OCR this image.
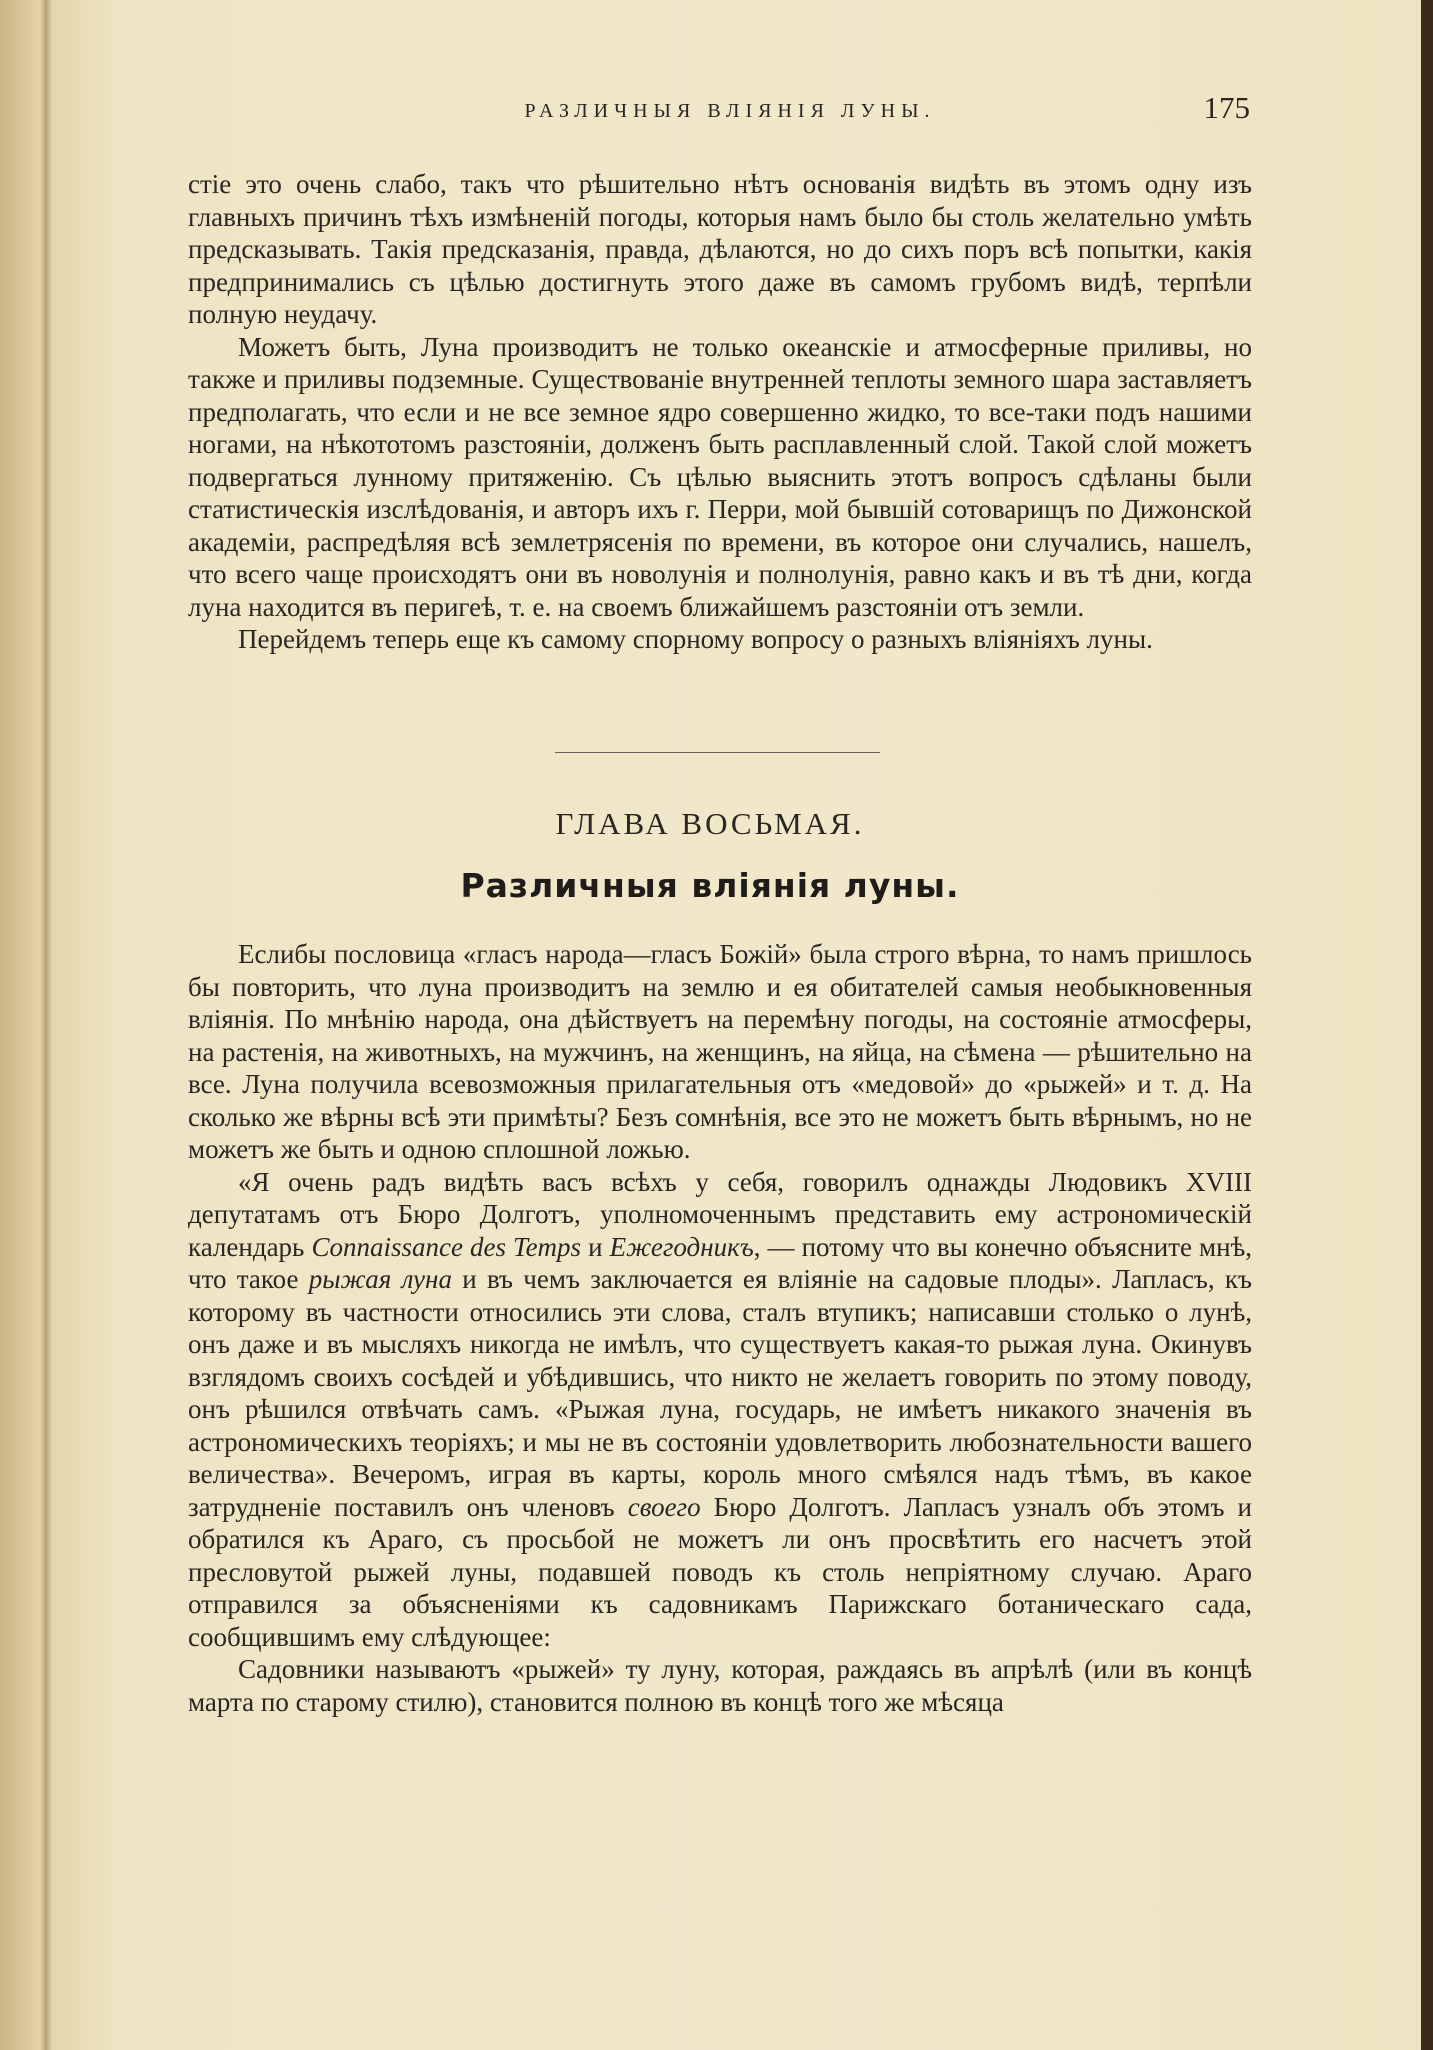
РАЗЛИЧНЫЯ ВЛІЯНІЯ ЛУНЫ.	175

стіе это очень слабо, такъ что рѣшительно нѣтъ основанія видѣть въ этомъ одну изъ главныхъ причинъ тѣхъ измѣненій погоды, которыя намъ было бы столь желательно умѣть предсказывать. Такія предсказанія, правда, дѣлаются, но до сихъ поръ всѣ попытки, какія предпринимались съ цѣлью достигнуть этого даже въ самомъ грубомъ видѣ, терпѣли полную неудачу.

Можетъ быть, Луна производитъ не только океанскіе и атмосферные приливы, но также и приливы подземные. Существованіе внутренней теплоты земного шара заставляетъ предполагать, что если и не все земное ядро совершенно жидко, то все-таки подъ нашими ногами, на нѣкототомъ разстояніи, долженъ быть расплавленный слой. Такой слой можетъ подвергаться лунному притяженію. Съ цѣлью выяснить этотъ вопросъ сдѣланы были статистическія изслѣдованія, и авторъ ихъ г. Перри, мой бывшій сотоварищъ по Дижонской академіи, распредѣляя всѣ землетрясенія по времени, въ которое они случались, нашелъ, что всего чаще происходятъ они въ новолунія и полнолунія, равно какъ и въ тѣ дни, когда луна находится въ перигеѣ, т. е. на своемъ ближайшемъ разстояніи отъ земли.

Перейдемъ теперь еще къ самому спорному вопросу о разныхъ вліяніяхъ луны.

ГЛАВА ВОСЬМАЯ.
Различныя вліянія луны.

Еслибы пословица «гласъ народа—гласъ Божій» была строго вѣрна, то намъ пришлось бы повторить, что луна производитъ на землю и ея обитателей самыя необыкновенныя вліянія. По мнѣнію народа, она дѣйствуетъ на перемѣну погоды, на состояніе атмосферы, на растенія, на животныхъ, на мужчинъ, на женщинъ, на яйца, на сѣмена — рѣшительно на все. Луна получила всевозможныя прилагательныя отъ «медовой» до «рыжей» и т. д. На сколько же вѣрны всѣ эти примѣты? Безъ сомнѣнія, все это не можетъ быть вѣрнымъ, но не можетъ же быть и одною сплошной ложью.

«Я очень радъ видѣть васъ всѣхъ у себя, говорилъ однажды Людовикъ XVIII депутатамъ отъ Бюро Долготъ, уполномоченнымъ представить ему астрономическій календарь Connaissance des Temps и Ежегодникъ, — потому что вы конечно объясните мнѣ, что такое рыжая луна и въ чемъ заключается ея вліяніе на садовые плоды». Лапласъ, къ которому въ частности относились эти слова, сталъ втупикъ; написавши столько о лунѣ, онъ даже и въ мысляхъ никогда не имѣлъ, что существуетъ какая-то рыжая луна. Окинувъ взглядомъ своихъ сосѣдей и убѣдившись, что никто не желаетъ говорить по этому поводу, онъ рѣшился отвѣчать самъ. «Рыжая луна, государь, не имѣетъ никакого значенія въ астрономическихъ теоріяхъ; и мы не въ состояніи удовлетворить любознательности вашего величества». Вечеромъ, играя въ карты, король много смѣялся надъ тѣмъ, въ какое затрудненіе поставилъ онъ членовъ своего Бюро Долготъ. Лапласъ узналъ объ этомъ и обратился къ Араго, съ просьбой не можетъ ли онъ просвѣтить его насчетъ этой пресловутой рыжей луны, подавшей поводъ къ столь непріятному случаю. Араго отправился за объясненіями къ садовникамъ Парижскаго ботаническаго сада, сообщившимъ ему слѣдующее:

Садовники называютъ «рыжей» ту луну, которая, раждаясь въ апрѣлѣ (или въ концѣ марта по старому стилю), становится полною въ концѣ того же мѣсяца
